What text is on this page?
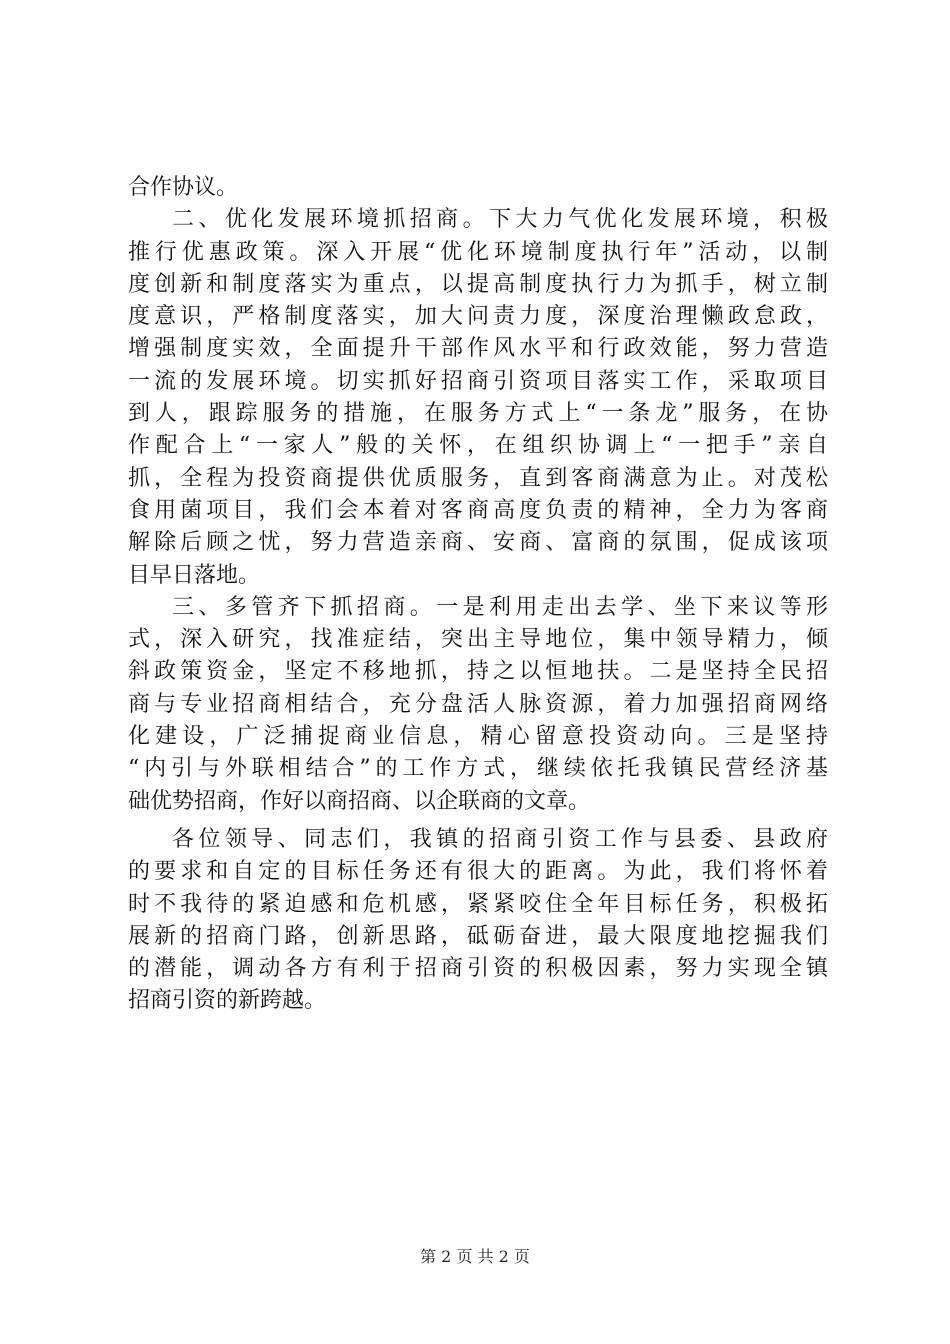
合作协议。
二、优化发展环境抓招商。下大力气优化发展环境，积极
推行优惠政策。深入开展“优化环境制度执行年”活动，以制
度创新和制度落实为重点，以提高制度执行力为抓手，树立制
度意识，严格制度落实，加大问责力度，深度治理懒政怠政，
增强制度实效，全面提升干部作风水平和行政效能，努力营造
一流的发展环境。切实抓好招商引资项目落实工作，采取项目
到人，跟踪服务的措施，在服务方式上“一条龙”服务，在协
作配合上“一家人”般的关怀，在组织协调上“一把手”亲自
抓，全程为投资商提供优质服务，直到客商满意为止。对茂松
食用菌项目，我们会本着对客商高度负责的精神，全力为客商
解除后顾之忧，努力营造亲商、安商、富商的氛围，促成该项
目早日落地。
三、多管齐下抓招商。一是利用走出去学、坐下来议等形
式，深入研究，找准症结，突出主导地位，集中领导精力，倾
斜政策资金，坚定不移地抓，持之以恒地扶。二是坚持全民招
商与专业招商相结合，充分盘活人脉资源，着力加强招商网络
化建设，广泛捕捉商业信息，精心留意投资动向。三是坚持
“内引与外联相结合”的工作方式，继续依托我镇民营经济基
础优势招商，作好以商招商、以企联商的文章。
各位领导、同志们，我镇的招商引资工作与县委、县政府
的要求和自定的目标任务还有很大的距离。为此，我们将怀着
时不我待的紧迫感和危机感，紧紧咬住全年目标任务，积极拓
展新的招商门路，创新思路，砥砺奋进，最大限度地挖掘我们
的潜能，调动各方有利于招商引资的积极因素，努力实现全镇
招商引资的新跨越。
第 2 页 共 2 页
